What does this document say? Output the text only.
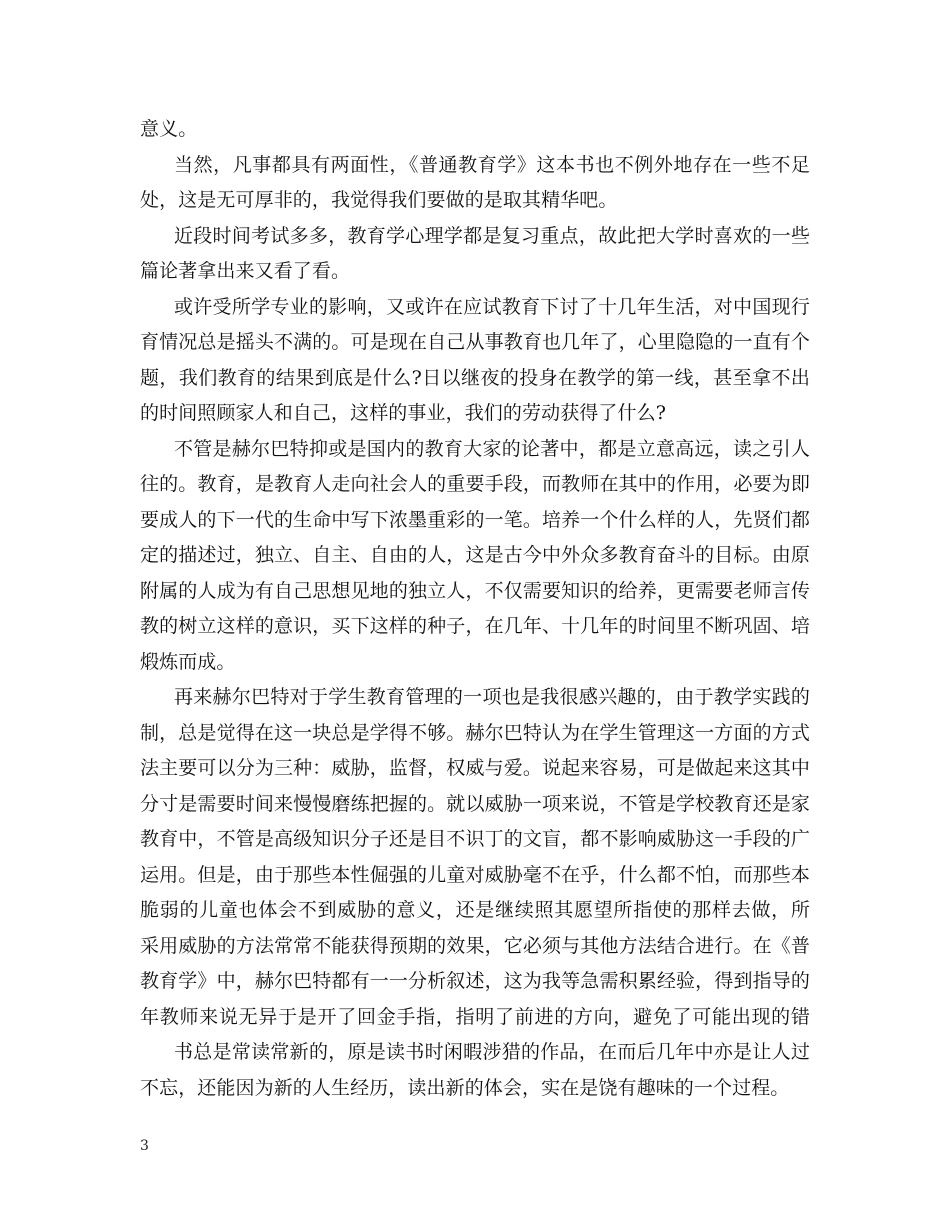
意义。
当然，凡事都具有两面性，《普通教育学》这本书也不例外地存在一些不足
处，这是无可厚非的，我觉得我们要做的是取其精华吧。
近段时间考试多多，教育学心理学都是复习重点，故此把大学时喜欢的一些
篇论著拿出来又看了看。
或许受所学专业的影响，又或许在应试教育下讨了十几年生活，对中国现行
育情况总是摇头不满的。可是现在自己从事教育也几年了，心里隐隐的一直有个
题，我们教育的结果到底是什么?日以继夜的投身在教学的第一线，甚至拿不出
的时间照顾家人和自己，这样的事业，我们的劳动获得了什么?
不管是赫尔巴特抑或是国内的教育大家的论著中，都是立意高远，读之引人
往的。教育，是教育人走向社会人的重要手段，而教师在其中的作用，必要为即
要成人的下一代的生命中写下浓墨重彩的一笔。培养一个什么样的人，先贤们都
定的描述过，独立、自主、自由的人，这是古今中外众多教育奋斗的目标。由原
附属的人成为有自己思想见地的独立人，不仅需要知识的给养，更需要老师言传
教的树立这样的意识，买下这样的种子，在几年、十几年的时间里不断巩固、培
煅炼而成。
再来赫尔巴特对于学生教育管理的一项也是我很感兴趣的，由于教学实践的
制，总是觉得在这一块总是学得不够。赫尔巴特认为在学生管理这一方面的方式
法主要可以分为三种：威胁，监督，权威与爱。说起来容易，可是做起来这其中
分寸是需要时间来慢慢磨练把握的。就以威胁一项来说，不管是学校教育还是家
教育中，不管是高级知识分子还是目不识丁的文盲，都不影响威胁这一手段的广
运用。但是，由于那些本性倔强的儿童对威胁毫不在乎，什么都不怕，而那些本
脆弱的儿童也体会不到威胁的意义，还是继续照其愿望所指使的那样去做，所
采用威胁的方法常常不能获得预期的效果，它必须与其他方法结合进行。在《普
教育学》中，赫尔巴特都有一一分析叙述，这为我等急需积累经验，得到指导的
年教师来说无异于是开了回金手指，指明了前进的方向，避免了可能出现的错
书总是常读常新的，原是读书时闲暇涉猎的作品，在而后几年中亦是让人过
不忘，还能因为新的人生经历，读出新的体会，实在是饶有趣味的一个过程。
3
